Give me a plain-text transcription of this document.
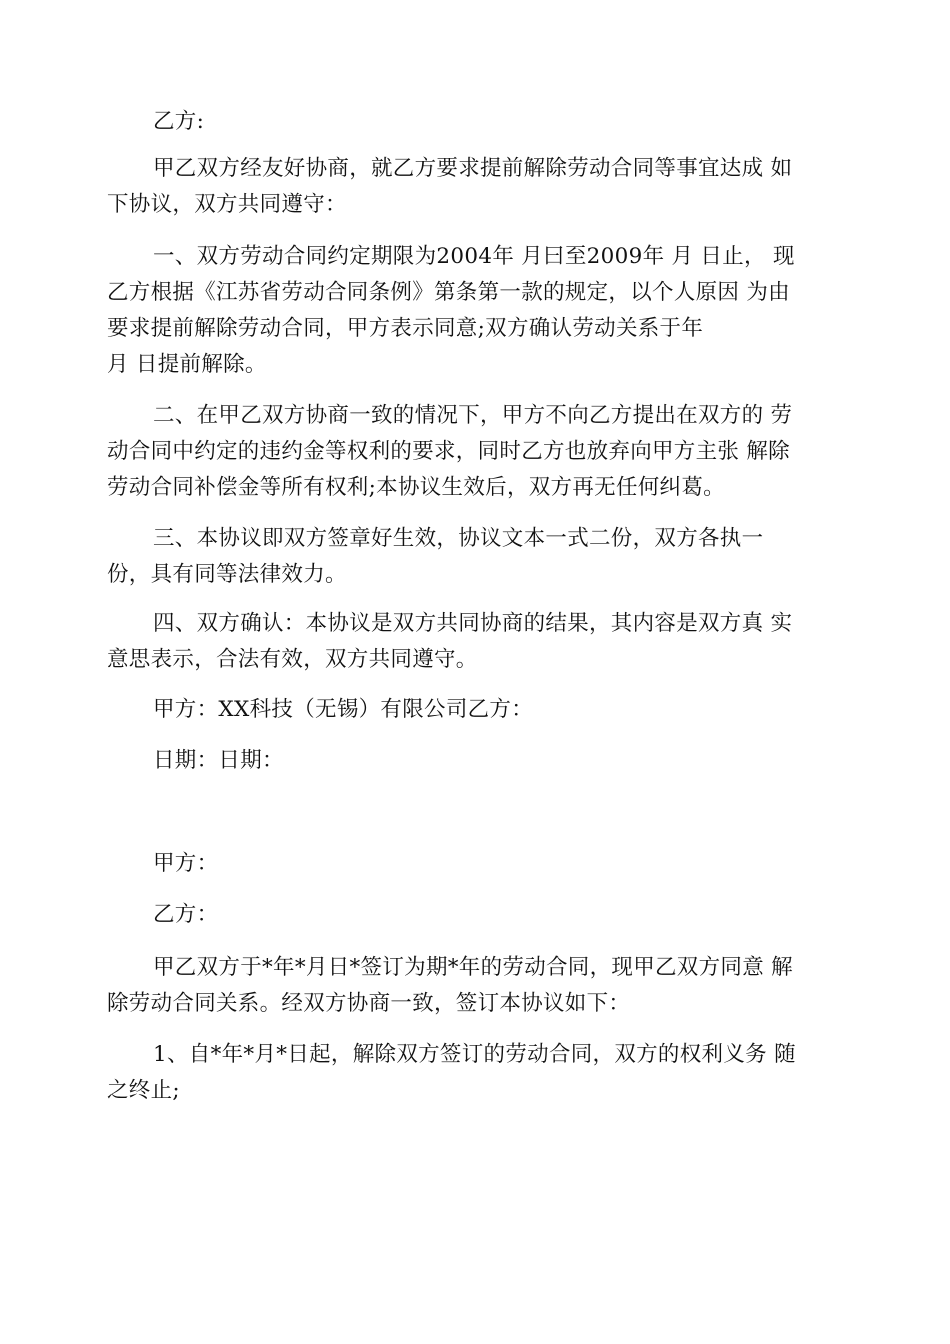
乙方:
甲乙双方经友好协商，就乙方要求提前解除劳动合同等事宜达成 如
下协议，双方共同遵守：
一、双方劳动合同约定期限为2004年 月曰至2009年 月 日止， 现
乙方根据《江苏省劳动合同条例》第条第一款的规定，以个人原因 为由
要求提前解除劳动合同，甲方表示同意;双方确认劳动关系于年
月 日提前解除。
二、在甲乙双方协商一致的情况下，甲方不向乙方提出在双方的 劳
动合同中约定的违约金等权利的要求，同时乙方也放弃向甲方主张 解除
劳动合同补偿金等所有权利;本协议生效后，双方再无任何纠葛。
三、本协议即双方签章好生效，协议文本一式二份，双方各执一
份，具有同等法律效力。
四、双方确认：本协议是双方共同协商的结果，其内容是双方真 实
意思表示，合法有效，双方共同遵守。
甲方：XX科技（无锡）有限公司乙方：
日期：日期：
甲方：
乙方：
甲乙双方于*年*月日*签订为期*年的劳动合同，现甲乙双方同意 解
除劳动合同关系。经双方协商一致，签订本协议如下：
1、自*年*月*日起，解除双方签订的劳动合同，双方的权利义务 随
之终止;
